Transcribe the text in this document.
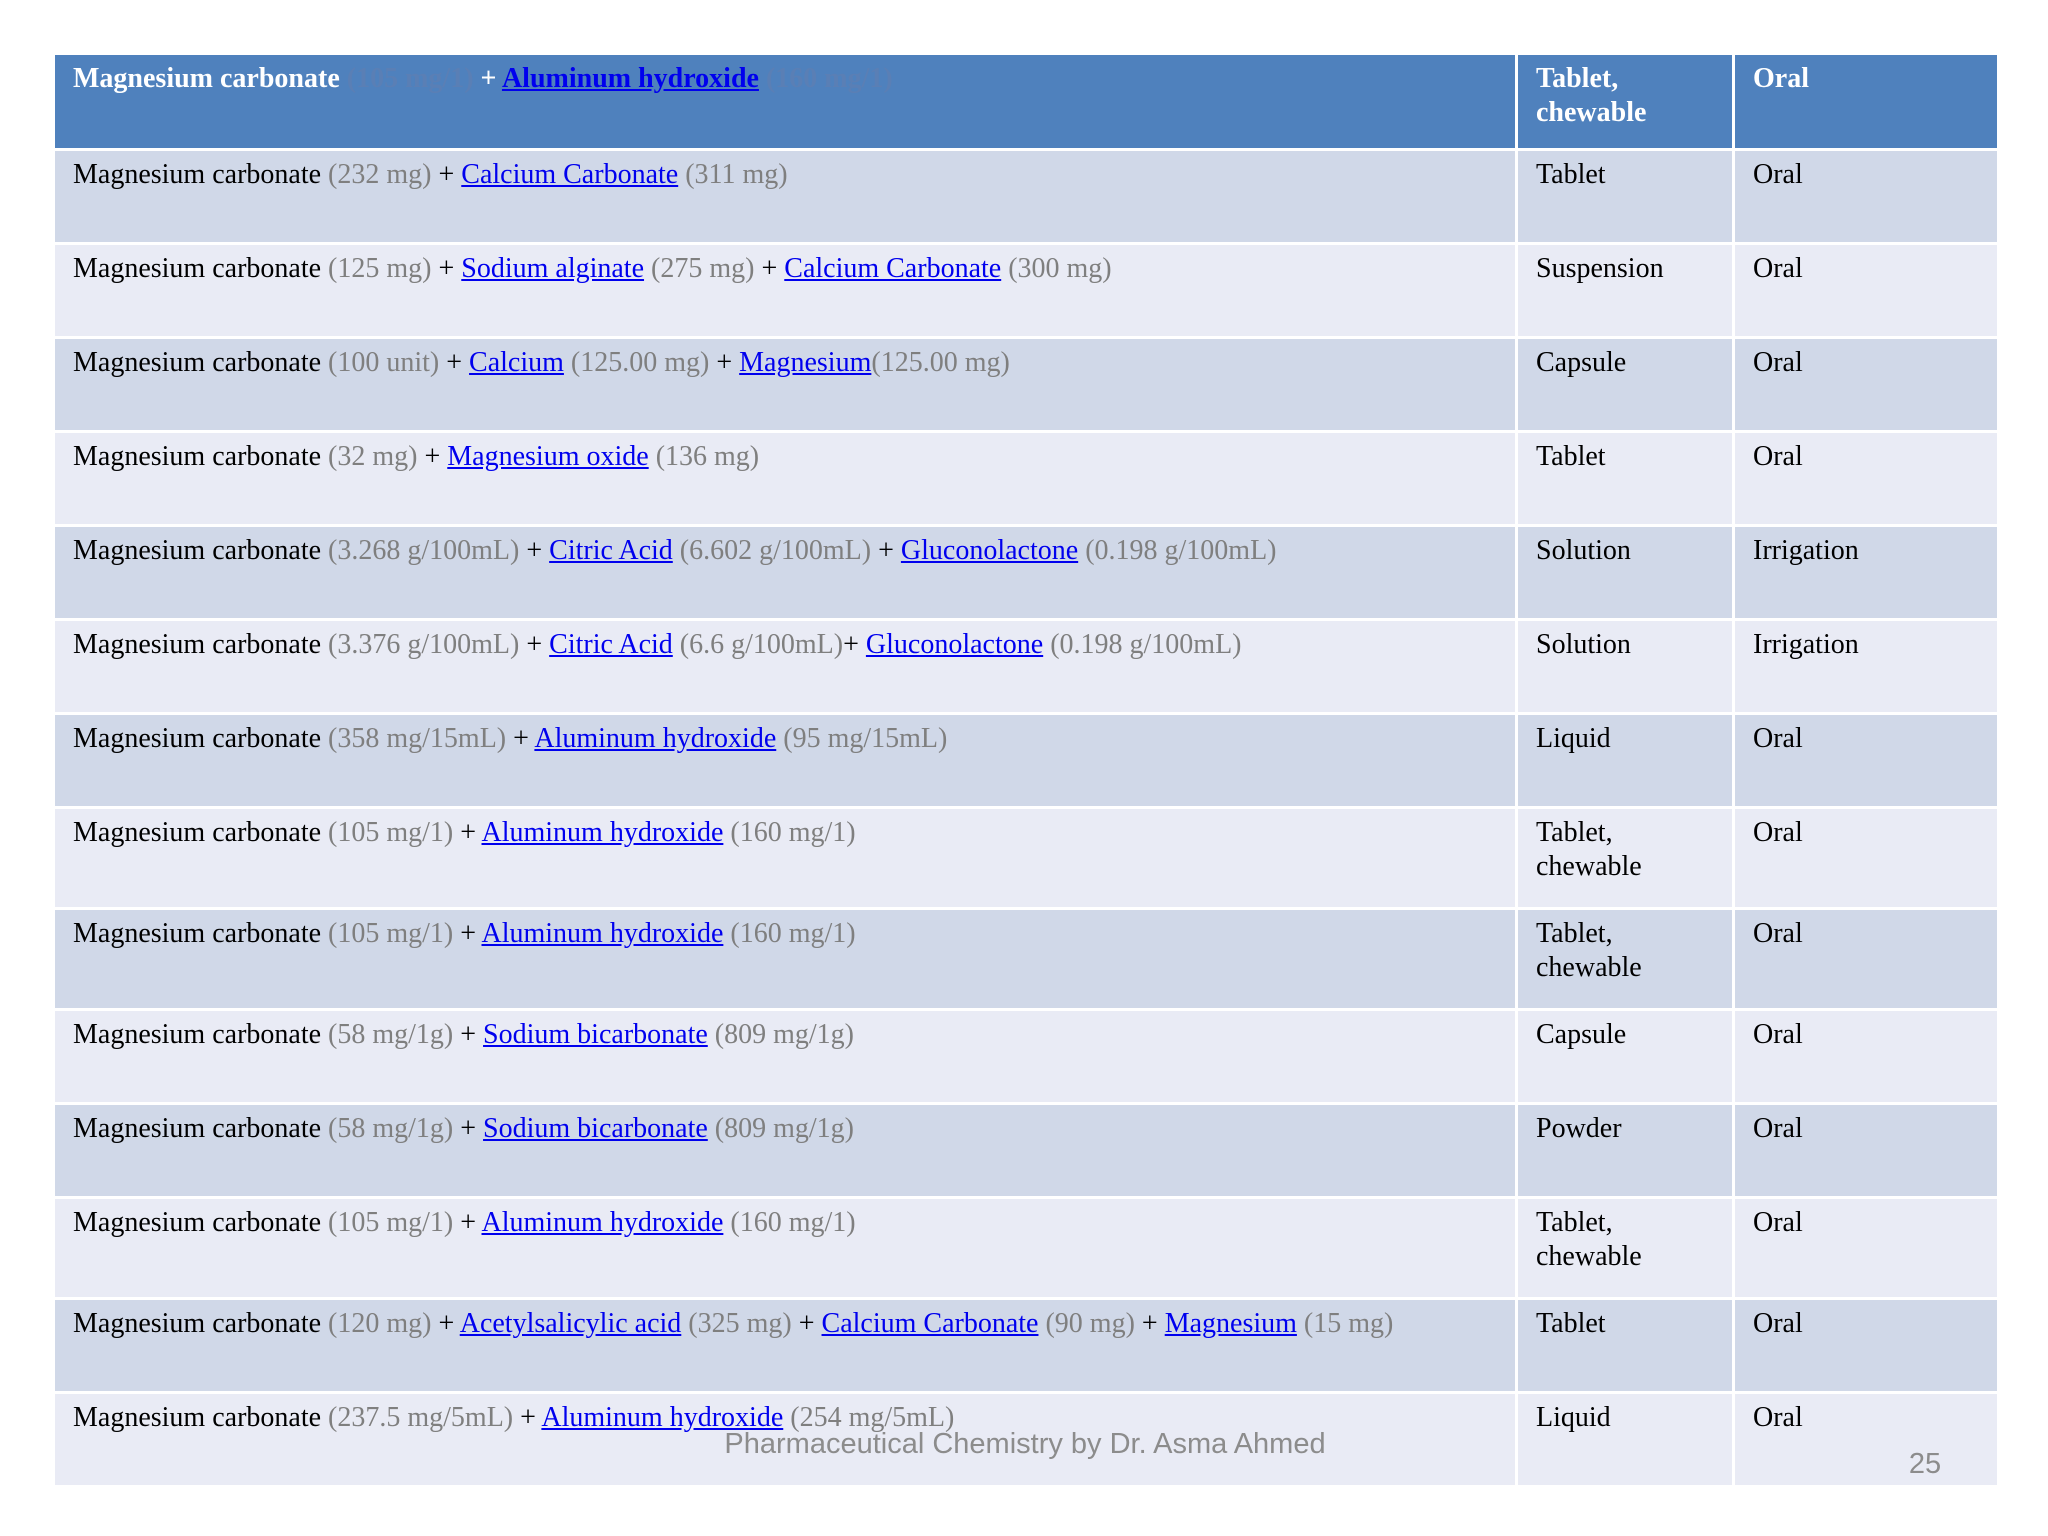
Magnesium carbonate (105 mg/1) + Aluminum hydroxide (160 mg/1)	Tablet, chewable	Oral
Magnesium carbonate (232 mg) + Calcium Carbonate (311 mg)	Tablet	Oral
Magnesium carbonate (125 mg) + Sodium alginate (275 mg) + Calcium Carbonate (300 mg)	Suspension	Oral
Magnesium carbonate (100 unit) + Calcium (125.00 mg) + Magnesium(125.00 mg)	Capsule	Oral
Magnesium carbonate (32 mg) + Magnesium oxide (136 mg)	Tablet	Oral
Magnesium carbonate (3.268 g/100mL) + Citric Acid (6.602 g/100mL) + Gluconolactone (0.198 g/100mL)	Solution	Irrigation
Magnesium carbonate (3.376 g/100mL) + Citric Acid (6.6 g/100mL)+ Gluconolactone (0.198 g/100mL)	Solution	Irrigation
Magnesium carbonate (358 mg/15mL) + Aluminum hydroxide (95 mg/15mL)	Liquid	Oral
Magnesium carbonate (105 mg/1) + Aluminum hydroxide (160 mg/1)	Tablet, chewable	Oral
Magnesium carbonate (105 mg/1) + Aluminum hydroxide (160 mg/1)	Tablet, chewable	Oral
Magnesium carbonate (58 mg/1g) + Sodium bicarbonate (809 mg/1g)	Capsule	Oral
Magnesium carbonate (58 mg/1g) + Sodium bicarbonate (809 mg/1g)	Powder	Oral
Magnesium carbonate (105 mg/1) + Aluminum hydroxide (160 mg/1)	Tablet, chewable	Oral
Magnesium carbonate (120 mg) + Acetylsalicylic acid (325 mg) + Calcium Carbonate (90 mg) + Magnesium (15 mg)	Tablet	Oral
Magnesium carbonate (237.5 mg/5mL) + Aluminum hydroxide (254 mg/5mL)	Liquid	Oral
Pharmaceutical Chemistry by Dr. Asma Ahmed
25
